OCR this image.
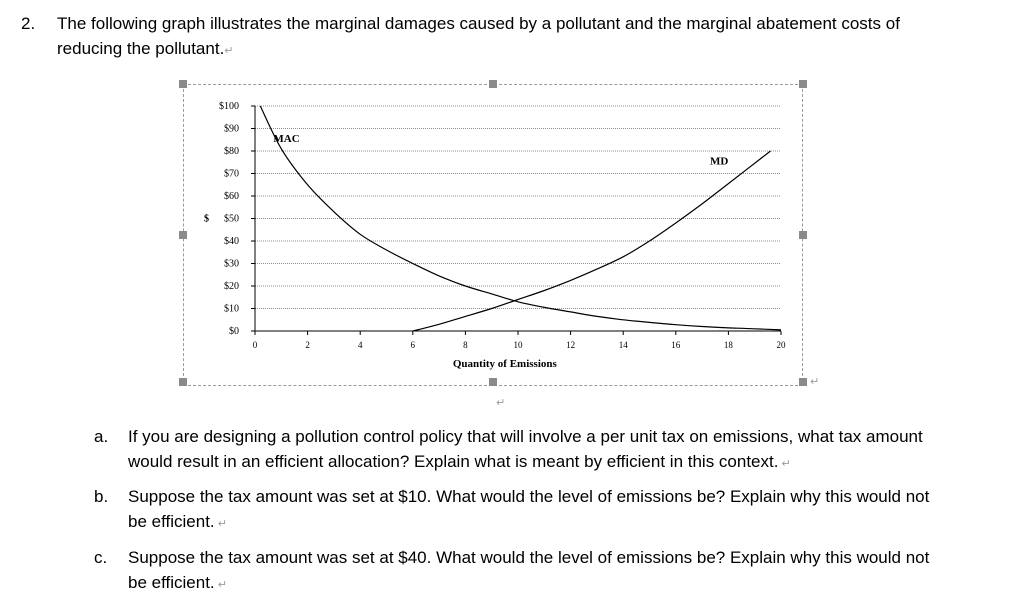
2. The following graph illustrates the marginal damages caused by a pollutant and the marginal abatement costs of
reducing the pollutant.↵
↵
↵
$0
$10
$20
$30
$40
$50
$60
$70
$80
$90
$100
0	2	4	6	8	10	12	14	16	18	20
$
Quantity of Emissions
MAC
MD
a. If you are designing a pollution control policy that will involve a per unit tax on emissions, what tax amount
would result in an efficient allocation? Explain what is meant by efficient in this context. ↵
b. Suppose the tax amount was set at $10. What would the level of emissions be? Explain why this would not
be efficient. ↵
c. Suppose the tax amount was set at $40. What would the level of emissions be? Explain why this would not
be efficient. ↵
